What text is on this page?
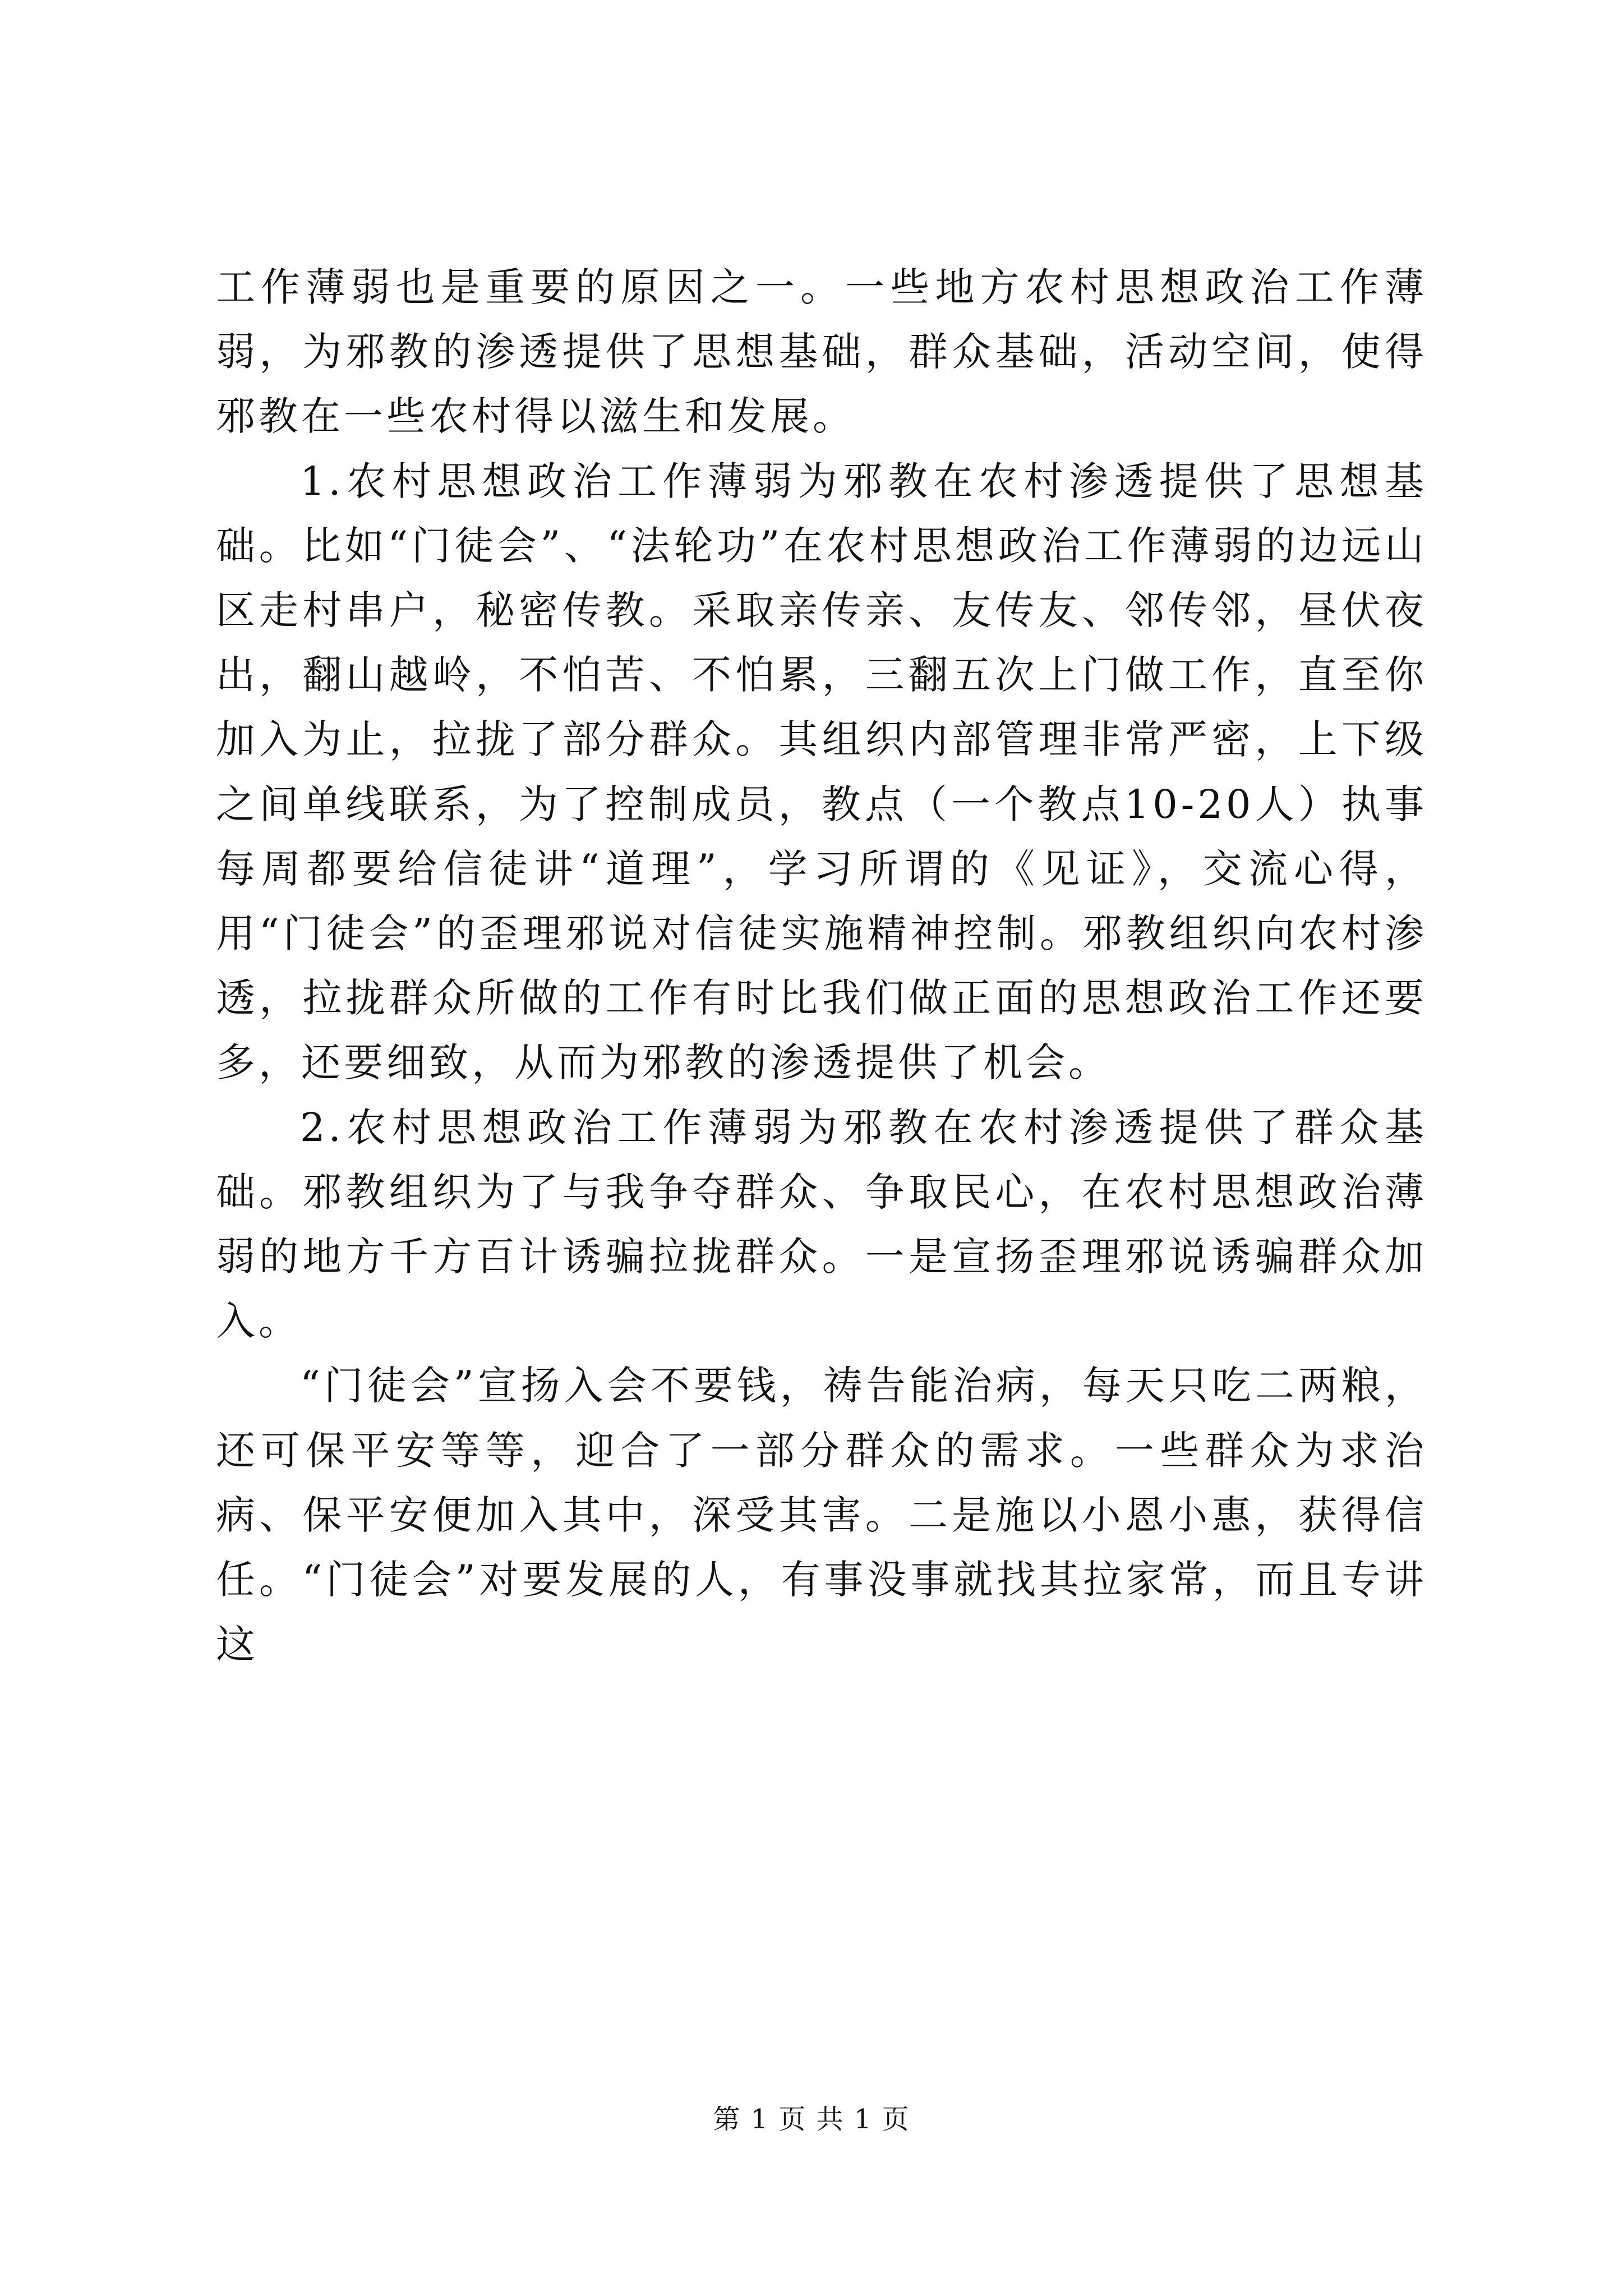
工作薄弱也是重要的原因之一。一些地方农村思想政治工作薄弱，为邪教的渗透提供了思想基础，群众基础，活动空间，使得邪教在一些农村得以滋生和发展。

1.农村思想政治工作薄弱为邪教在农村渗透提供了思想基础。比如“门徒会”、“法轮功”在农村思想政治工作薄弱的边远山区走村串户，秘密传教。采取亲传亲、友传友、邻传邻，昼伏夜出，翻山越岭，不怕苦、不怕累，三翻五次上门做工作，直至你加入为止，拉拢了部分群众。其组织内部管理非常严密，上下级之间单线联系，为了控制成员，教点（一个教点10-20人）执事每周都要给信徒讲“道理”，学习所谓的《见证》，交流心得，用“门徒会”的歪理邪说对信徒实施精神控制。邪教组织向农村渗透，拉拢群众所做的工作有时比我们做正面的思想政治工作还要多，还要细致，从而为邪教的渗透提供了机会。

2.农村思想政治工作薄弱为邪教在农村渗透提供了群众基础。邪教组织为了与我争夺群众、争取民心，在农村思想政治薄弱的地方千方百计诱骗拉拢群众。一是宣扬歪理邪说诱骗群众加入。

“门徒会”宣扬入会不要钱，祷告能治病，每天只吃二两粮，还可保平安等等，迎合了一部分群众的需求。一些群众为求治病、保平安便加入其中，深受其害。二是施以小恩小惠，获得信任。“门徒会”对要发展的人，有事没事就找其拉家常，而且专讲这

第 1 页 共 1 页
